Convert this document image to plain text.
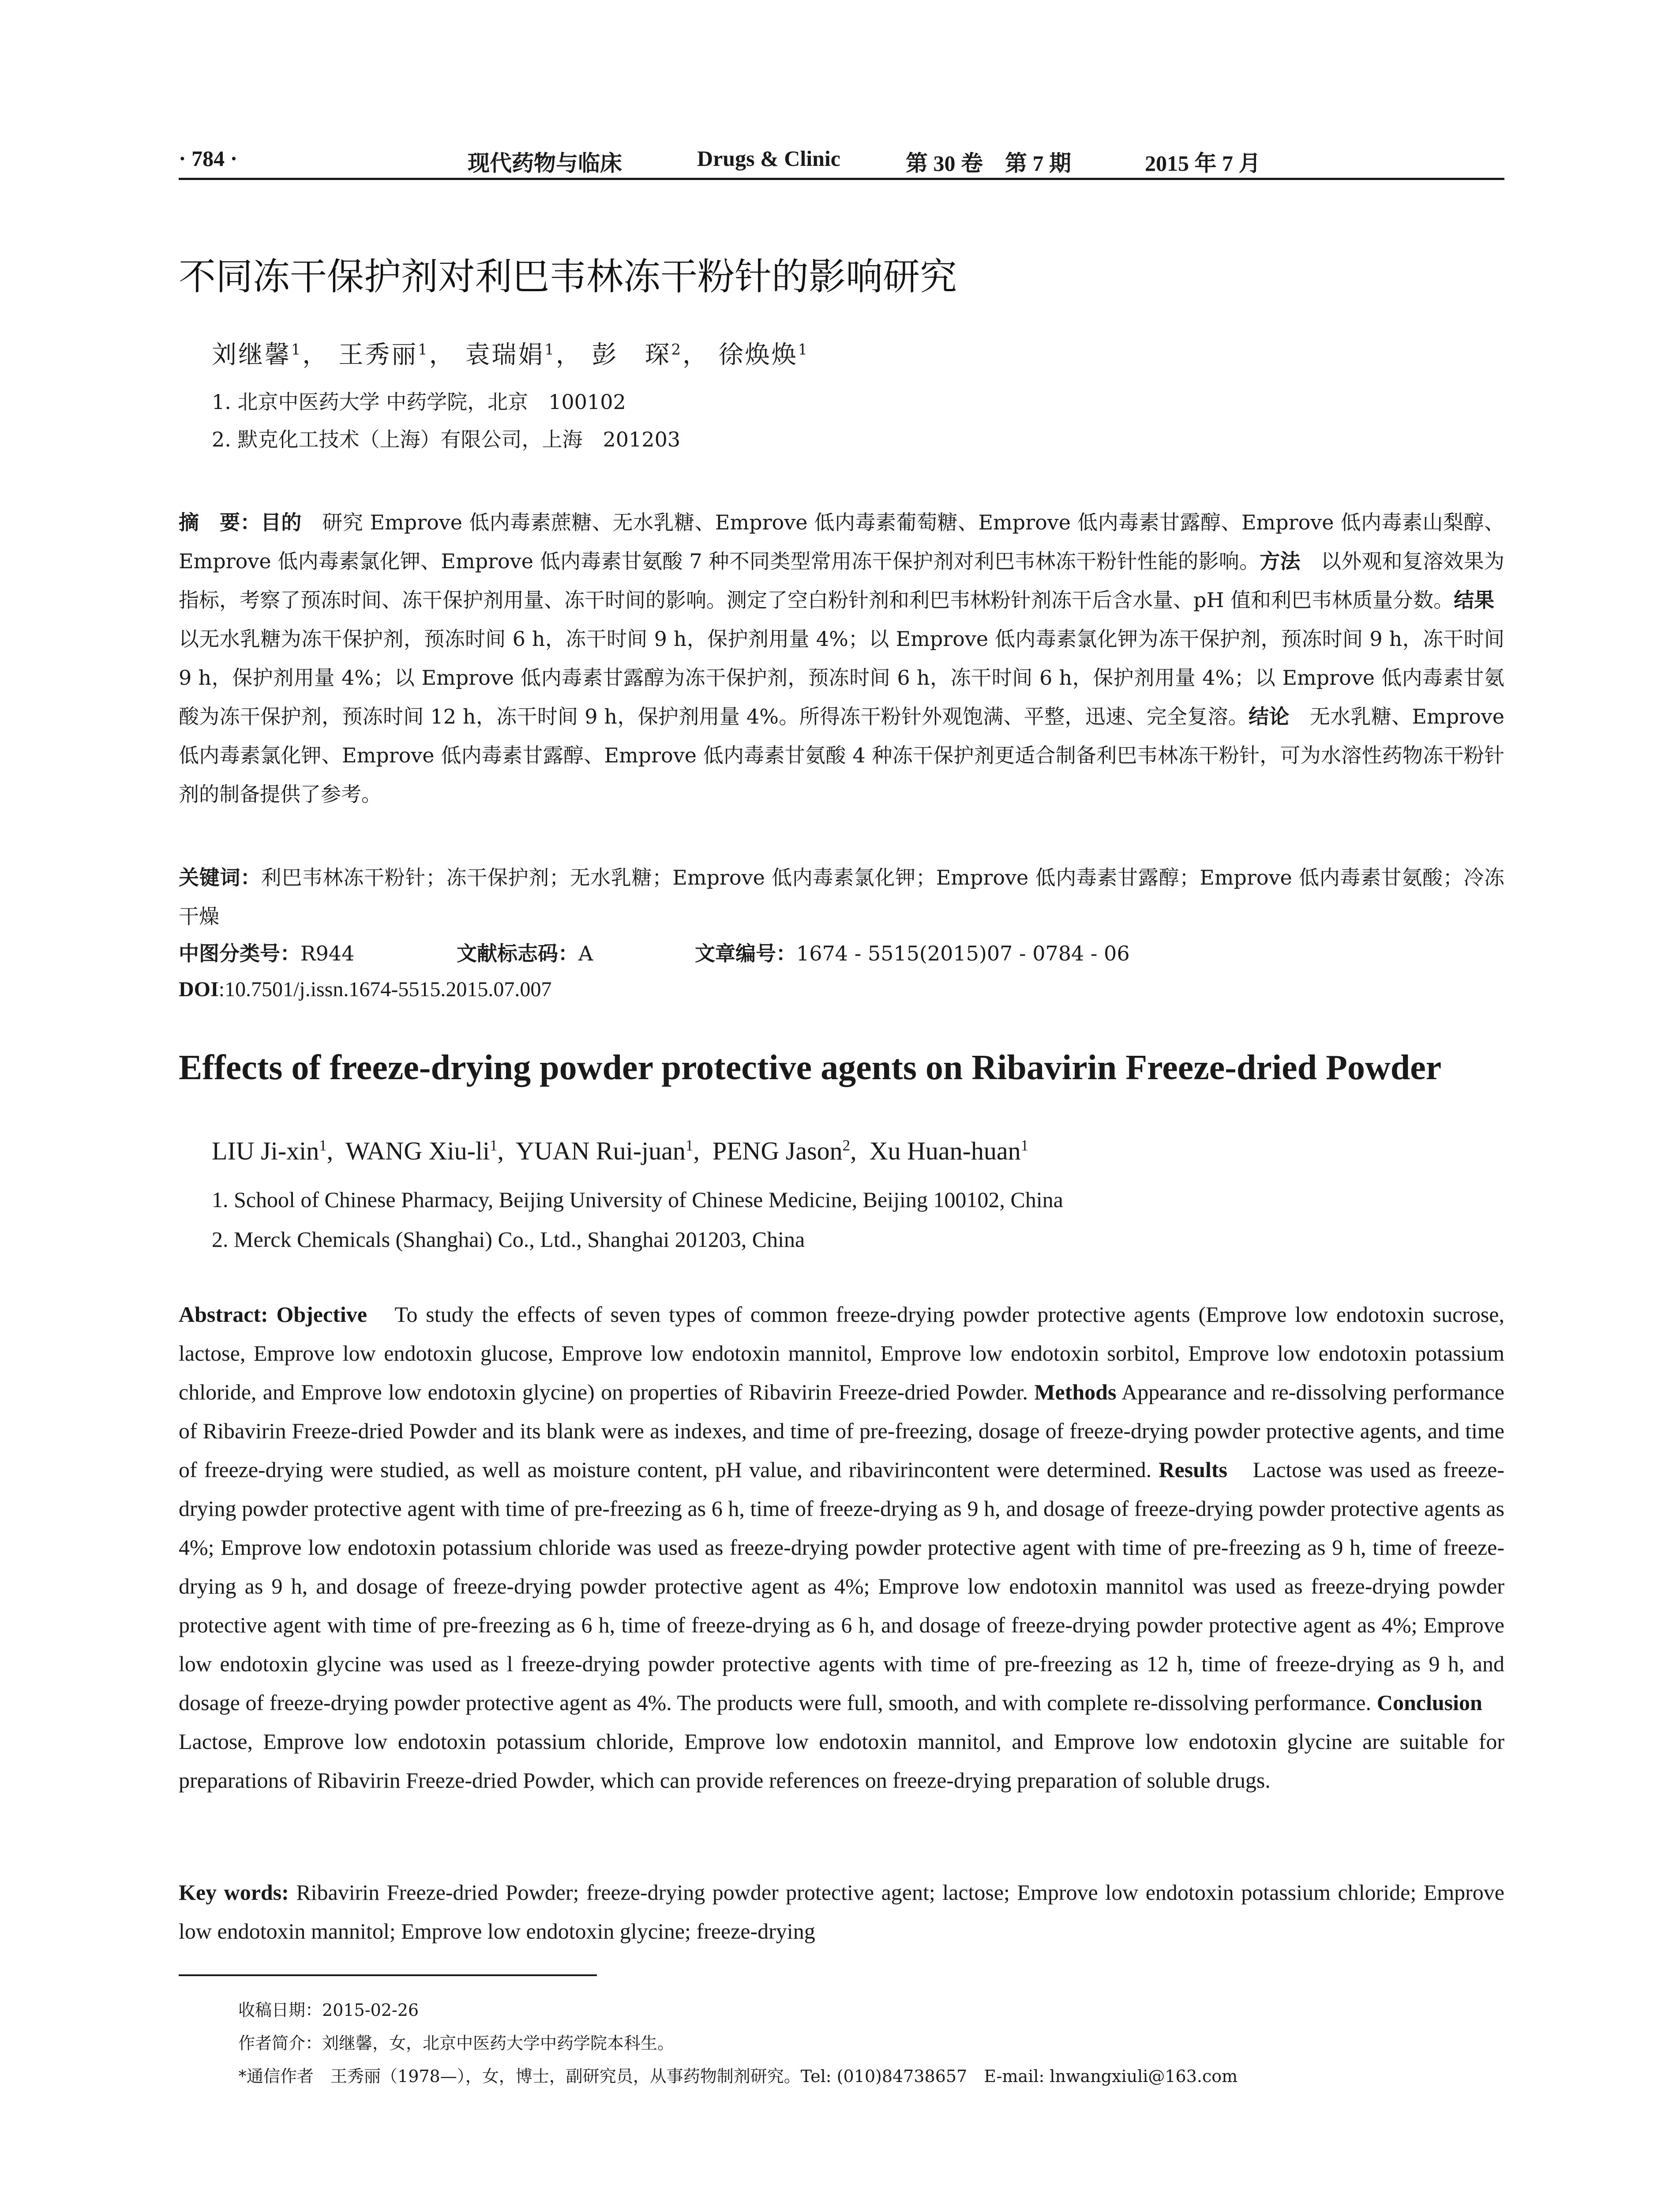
· 784 ·	现代药物与临床	Drugs & Clinic	第 30 卷　第 7 期	2015 年 7 月
不同冻干保护剂对利巴韦林冻干粉针的影响研究
刘继馨$^1$， 王秀丽$^1$， 袁瑞娟$^1$， 彭　琛$^2$， 徐焕焕$^1$
1. 北京中医药大学 中药学院，北京　100102
2. 默克化工技术（上海）有限公司，上海　201203
摘　要：目的　研究 Emprove 低内毒素蔗糖、无水乳糖、Emprove 低内毒素葡萄糖、Emprove 低内毒素甘露醇、Emprove 低内毒素山梨醇、Emprove 低内毒素氯化钾、Emprove 低内毒素甘氨酸 7 种不同类型常用冻干保护剂对利巴韦林冻干粉针性能的影响。方法　以外观和复溶效果为指标，考察了预冻时间、冻干保护剂用量、冻干时间的影响。测定了空白粉针剂和利巴韦林粉针剂冻干后含水量、pH 值和利巴韦林质量分数。结果　以无水乳糖为冻干保护剂，预冻时间 6 h，冻干时间 9 h，保护剂用量 4%；以 Emprove 低内毒素氯化钾为冻干保护剂，预冻时间 9 h，冻干时间 9 h，保护剂用量 4%；以 Emprove 低内毒素甘露醇为冻干保护剂，预冻时间 6 h，冻干时间 6 h，保护剂用量 4%；以 Emprove 低内毒素甘氨酸为冻干保护剂，预冻时间 12 h，冻干时间 9 h，保护剂用量 4%。所得冻干粉针外观饱满、平整，迅速、完全复溶。结论　无水乳糖、Emprove 低内毒素氯化钾、Emprove 低内毒素甘露醇、Emprove 低内毒素甘氨酸 4 种冻干保护剂更适合制备利巴韦林冻干粉针，可为水溶性药物冻干粉针剂的制备提供了参考。
关键词：利巴韦林冻干粉针；冻干保护剂；无水乳糖；Emprove 低内毒素氯化钾；Emprove 低内毒素甘露醇；Emprove 低内毒素甘氨酸；冷冻干燥
中图分类号：R944	文献标志码：A	文章编号：1674 - 5515(2015)07 - 0784 - 06
DOI:10.7501/j.issn.1674-5515.2015.07.007
Effects of freeze-drying powder protective agents on Ribavirin Freeze-dried Powder
LIU Ji-xin$^1$,  WANG Xiu-$li^1$,  YUAN Rui-juan$^1$,  PENG Jason$^2$,  Xu Huan-huan$^1$
1. School of Chinese Pharmacy, Beijing University of Chinese Medicine, Beijing 100102, China
2. Merck Chemicals (Shanghai) Co., Ltd., Shanghai 201203, China
Abstract: Objective　To study the effects of seven types of common freeze-drying powder protective agents (Emprove low endotoxin sucrose, lactose, Emprove low endotoxin glucose, Emprove low endotoxin mannitol, Emprove low endotoxin sorbitol, Emprove low endotoxin potassium chloride, and Emprove low endotoxin glycine) on properties of Ribavirin Freeze-dried Powder. Methods Appearance and re-dissolving performance of Ribavirin Freeze-dried Powder and its blank were as indexes, and time of pre-freezing, dosage of freeze-drying powder protective agents, and time of freeze-drying were studied, as well as moisture content, pH value, and ribavirincontent were determined. Results　Lactose was used as freeze-drying powder protective agent with time of pre-freezing as 6 h, time of freeze-drying as 9 h, and dosage of freeze-drying powder protective agents as 4%; Emprove low endotoxin potassium chloride was used as freeze-drying powder protective agent with time of pre-freezing as 9 h, time of freeze-drying as 9 h, and dosage of freeze-drying powder protective agent as 4%; Emprove low endotoxin mannitol was used as freeze-drying powder protective agent with time of pre-freezing as 6 h, time of freeze-drying as 6 h, and dosage of freeze-drying powder protective agent as 4%; Emprove low endotoxin glycine was used as l freeze-drying powder protective agents with time of pre-freezing as 12 h, time of freeze-drying as 9 h, and dosage of freeze-drying powder protective agent as 4%. The products were full, smooth, and with complete re-dissolving performance. Conclusion　Lactose, Emprove low endotoxin potassium chloride, Emprove low endotoxin mannitol, and Emprove low endotoxin glycine are suitable for preparations of Ribavirin Freeze-dried Powder, which can provide references on freeze-drying preparation of soluble drugs.
Key words: Ribavirin Freeze-dried Powder; freeze-drying powder protective agent; lactose; Emprove low endotoxin potassium chloride; Emprove low endotoxin mannitol; Emprove low endotoxin glycine; freeze-drying
收稿日期：2015-02-26
作者简介：刘继馨，女，北京中医药大学中药学院本科生。
*通信作者　王秀丽（1978—），女，博士，副研究员，从事药物制剂研究。Tel: (010)84738657　E-mail: lnwangxiuli@163.com
